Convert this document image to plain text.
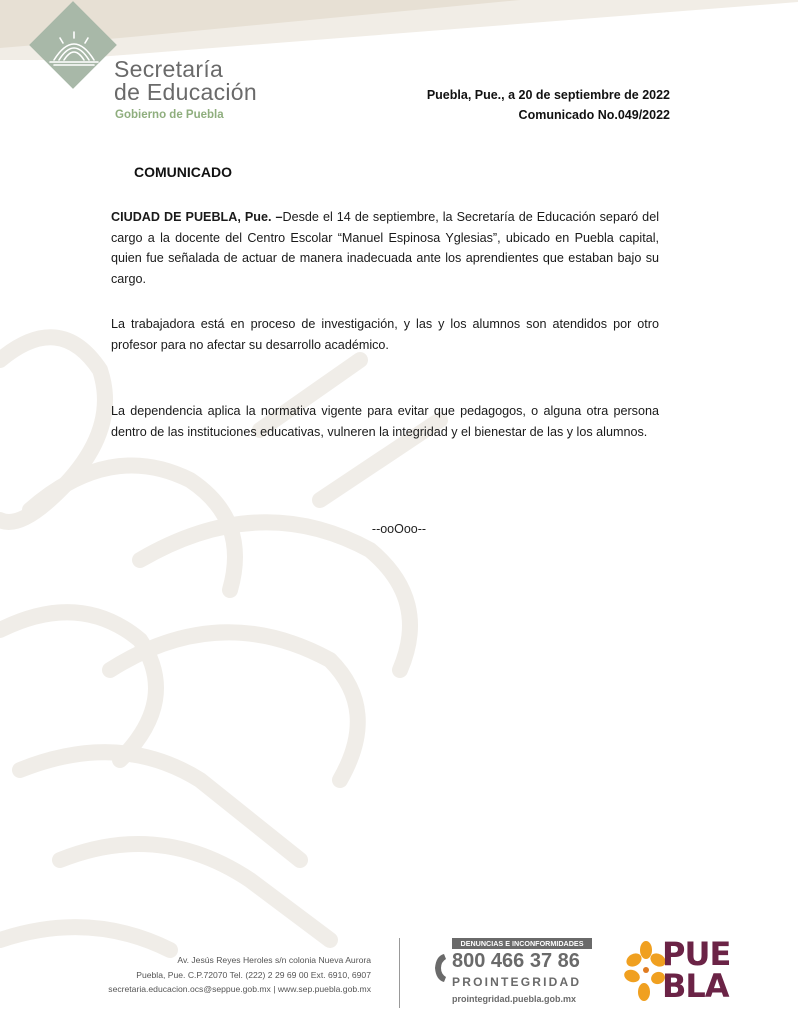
Secretaría
de Educación
Gobierno de Puebla
Puebla, Pue., a 20 de septiembre de 2022
Comunicado No.049/2022
COMUNICADO
CIUDAD DE PUEBLA, Pue. –Desde el 14 de septiembre, la Secretaría de Educación separó del cargo a la docente del Centro Escolar “Manuel Espinosa Yglesias”, ubicado en Puebla capital, quien fue señalada de actuar de manera inadecuada ante los aprendientes que estaban bajo su cargo.
La trabajadora está en proceso de investigación, y las y los alumnos son atendidos por otro profesor para no afectar su desarrollo académico.
La dependencia aplica la normativa vigente para evitar que pedagogos, o alguna otra persona dentro de las instituciones educativas, vulneren la integridad y el bienestar de las y los alumnos.
--ooOoo--
Av. Jesús Reyes Heroles s/n colonia Nueva Aurora
Puebla, Pue. C.P.72070 Tel. (222) 2 29 69 00 Ext. 6910, 6907
secretaria.educacion.ocs@seppue.gob.mx | www.sep.puebla.gob.mx
DENUNCIAS E INCONFORMIDADES
800 466 37 86
PROINTEGRIDAD
prointegridad.puebla.gob.mx
PUE
BLA
